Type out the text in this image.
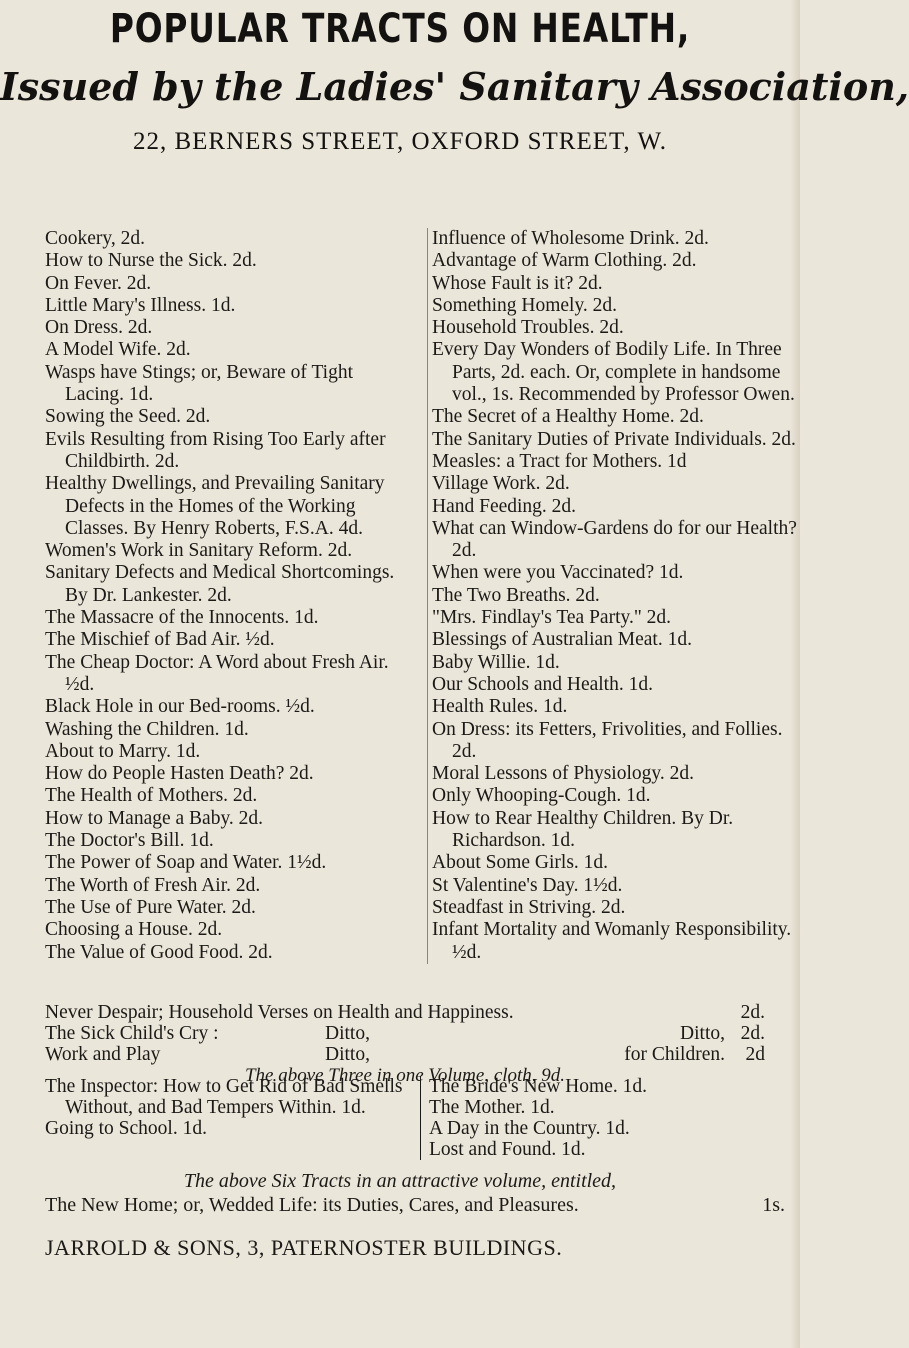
POPULAR TRACTS ON HEALTH,
Issued by the Ladies' Sanitary Association,
22, BERNERS STREET, OXFORD STREET, W.
Cookery, 2d.
How to Nurse the Sick. 2d.
On Fever. 2d.
Little Mary's Illness. 1d.
On Dress. 2d.
A Model Wife. 2d.
Wasps have Stings; or, Beware of Tight Lacing. 1d.
Sowing the Seed. 2d.
Evils Resulting from Rising Too Early after Childbirth. 2d.
Healthy Dwellings, and Prevailing Sanitary Defects in the Homes of the Working Classes. By Henry Roberts, F.S.A. 4d.
Women's Work in Sanitary Reform. 2d.
Sanitary Defects and Medical Shortcomings. By Dr. Lankester. 2d.
The Massacre of the Innocents. 1d.
The Mischief of Bad Air. ½d.
The Cheap Doctor: A Word about Fresh Air. ½d.
Black Hole in our Bed-rooms. ½d.
Washing the Children. 1d.
About to Marry. 1d.
How do People Hasten Death? 2d.
The Health of Mothers. 2d.
How to Manage a Baby. 2d.
The Doctor's Bill. 1d.
The Power of Soap and Water. 1½d.
The Worth of Fresh Air. 2d.
The Use of Pure Water. 2d.
Choosing a House. 2d.
The Value of Good Food. 2d.
Influence of Wholesome Drink. 2d.
Advantage of Warm Clothing. 2d.
Whose Fault is it? 2d.
Something Homely. 2d.
Household Troubles. 2d.
Every Day Wonders of Bodily Life. In Three Parts, 2d. each. Or, complete in handsome vol., 1s. Recommended by Professor Owen.
The Secret of a Healthy Home. 2d.
The Sanitary Duties of Private Individuals. 2d.
Measles: a Tract for Mothers. 1d
Village Work. 2d.
Hand Feeding. 2d.
What can Window-Gardens do for our Health? 2d.
When were you Vaccinated? 1d.
The Two Breaths. 2d.
"Mrs. Findlay's Tea Party." 2d.
Blessings of Australian Meat. 1d.
Baby Willie. 1d.
Our Schools and Health. 1d.
Health Rules. 1d.
On Dress: its Fetters, Frivolities, and Follies. 2d.
Moral Lessons of Physiology. 2d.
Only Whooping-Cough. 1d.
How to Rear Healthy Children. By Dr. Richardson. 1d.
About Some Girls. 1d.
St Valentine's Day. 1½d.
Steadfast in Striving. 2d.
Infant Mortality and Womanly Responsibility. ½d.
Never Despair; Household Verses on Health and Happiness.	2d.
The Sick Child's Cry :	Ditto,	Ditto, 2d.
Work and Play	Ditto,	for Children.	2d
The above Three in one Volume, cloth, 9d.
The Inspector: How to Get Rid of Bad Smells Without, and Bad Tempers Within. 1d.
Going to School. 1d.
The Bride's New Home. 1d.
The Mother. 1d.
A Day in the Country. 1d.
Lost and Found. 1d.
The above Six Tracts in an attractive volume, entitled,
The New Home; or, Wedded Life: its Duties, Cares, and Pleasures.	1s.
JARROLD & SONS, 3, PATERNOSTER BUILDINGS.
